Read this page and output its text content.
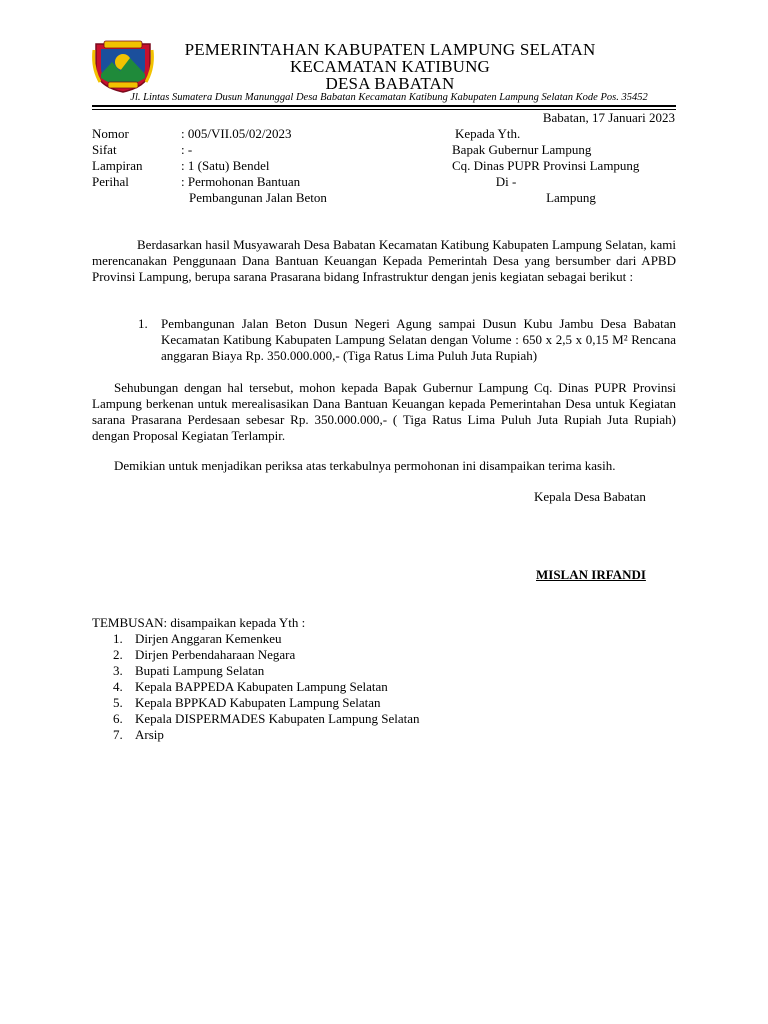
PEMERINTAHAN KABUPATEN LAMPUNG SELATAN
KECAMATAN KATIBUNG
DESA BABATAN
Jl. Lintas Sumatera Dusun Manunggal Desa Babatan Kecamatan Katibung Kabupaten Lampung Selatan Kode Pos. 35452
Babatan, 17 Januari 2023
Nomor	: 005/VII.05/02/2023
Sifat	: -
Lampiran	: 1 (Satu) Bendel
Perihal	: Permohonan Bantuan
Pembangunan Jalan Beton
Kepada Yth.
Bapak Gubernur Lampung
Cq. Dinas PUPR Provinsi Lampung
Di -
Lampung
Berdasarkan hasil Musyawarah Desa Babatan Kecamatan Katibung Kabupaten Lampung Selatan, kami merencanakan Penggunaan Dana Bantuan Keuangan Kepada Pemerintah Desa yang bersumber dari APBD Provinsi Lampung, berupa sarana Prasarana bidang Infrastruktur dengan jenis kegiatan sebagai berikut :
1. Pembangunan Jalan Beton Dusun Negeri Agung sampai Dusun Kubu Jambu Desa Babatan Kecamatan Katibung Kabupaten Lampung Selatan dengan Volume : 650 x 2,5 x 0,15 M² Rencana anggaran Biaya Rp. 350.000.000,- (Tiga Ratus Lima Puluh Juta Rupiah)
Sehubungan dengan hal tersebut, mohon kepada Bapak Gubernur Lampung Cq. Dinas PUPR Provinsi Lampung berkenan untuk merealisasikan Dana Bantuan Keuangan kepada Pemerintahan Desa untuk Kegiatan sarana Prasarana Perdesaan sebesar Rp. 350.000.000,- ( Tiga Ratus Lima Puluh Juta Rupiah Juta Rupiah) dengan Proposal Kegiatan Terlampir.
Demikian untuk menjadikan periksa atas terkabulnya permohonan ini disampaikan terima kasih.
Kepala Desa Babatan
MISLAN IRFANDI
TEMBUSAN: disampaikan kepada Yth :
1. Dirjen Anggaran Kemenkeu
2. Dirjen Perbendaharaan Negara
3. Bupati Lampung Selatan
4. Kepala BAPPEDA Kabupaten Lampung Selatan
5. Kepala BPPKAD Kabupaten Lampung Selatan
6. Kepala DISPERMADES Kabupaten Lampung Selatan
7. Arsip
